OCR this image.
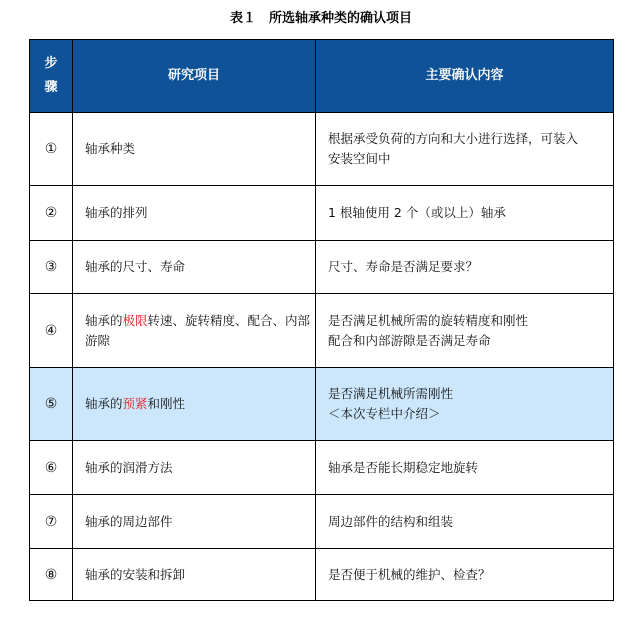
表１　所选轴承种类的确认项目
步
骤	研究项目	主要确认内容
①	轴承种类	根据承受负荷的方向和大小进行选择，可装入
安装空间中

②	轴承的排列	1 根轴使用 2 个（或以上）轴承

③	轴承的尺寸、寿命	尺寸、寿命是否满足要求？

④	轴承的极限转速、旋转精度、配合、内部游隙	是否满足机械所需的旋转精度和刚性
配合和内部游隙是否满足寿命

⑤	轴承的预紧和刚性	是否满足机械所需刚性
＜本次专栏中介绍＞

⑥	轴承的润滑方法	轴承是否能长期稳定地旋转

⑦	轴承的周边部件	周边部件的结构和组装

⑧	轴承的安装和拆卸	是否便于机械的维护、检查？
